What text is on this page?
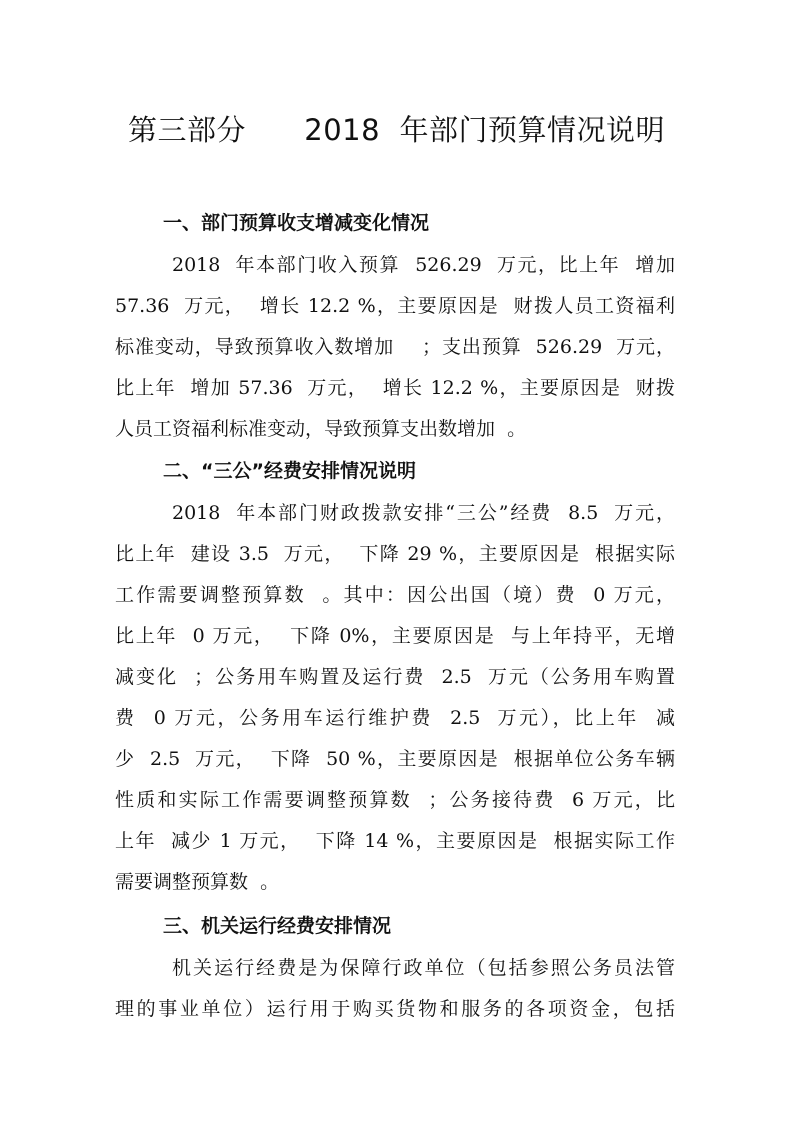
第三部分      2018  年部门预算情况说明
一、部门预算收支增减变化情况
2018  年本部门收入预算  526.29  万元，比上年  增加
57.36  万元，  增长 12.2 %，主要原因是  财拨人员工资福利
标准变动，导致预算收入数增加    ；支出预算  526.29  万元，
比上年  增加 57.36  万元，  增长 12.2 %，主要原因是  财拨
人员工资福利标准变动，导致预算支出数增加  。
二、“三公”经费安排情况说明
2018  年本部门财政拨款安排“三公”经费  8.5  万元，
比上年  建设 3.5  万元，  下降 29 %，主要原因是  根据实际
工作需要调整预算数  。其中：因公出国（境）费  0 万元，
比上年  0 万元，  下降 0%，主要原因是  与上年持平，无增
减变化  ；公务用车购置及运行费  2.5  万元（公务用车购置
费  0 万元，公务用车运行维护费  2.5  万元），比上年  减
少  2.5  万元，  下降  50 %，主要原因是  根据单位公务车辆
性质和实际工作需要调整预算数  ；公务接待费  6 万元，比
上年  减少 1 万元，  下降 14 %，主要原因是  根据实际工作
需要调整预算数  。
三、机关运行经费安排情况
机关运行经费是为保障行政单位（包括参照公务员法管
理的事业单位）运行用于购买货物和服务的各项资金，包括
